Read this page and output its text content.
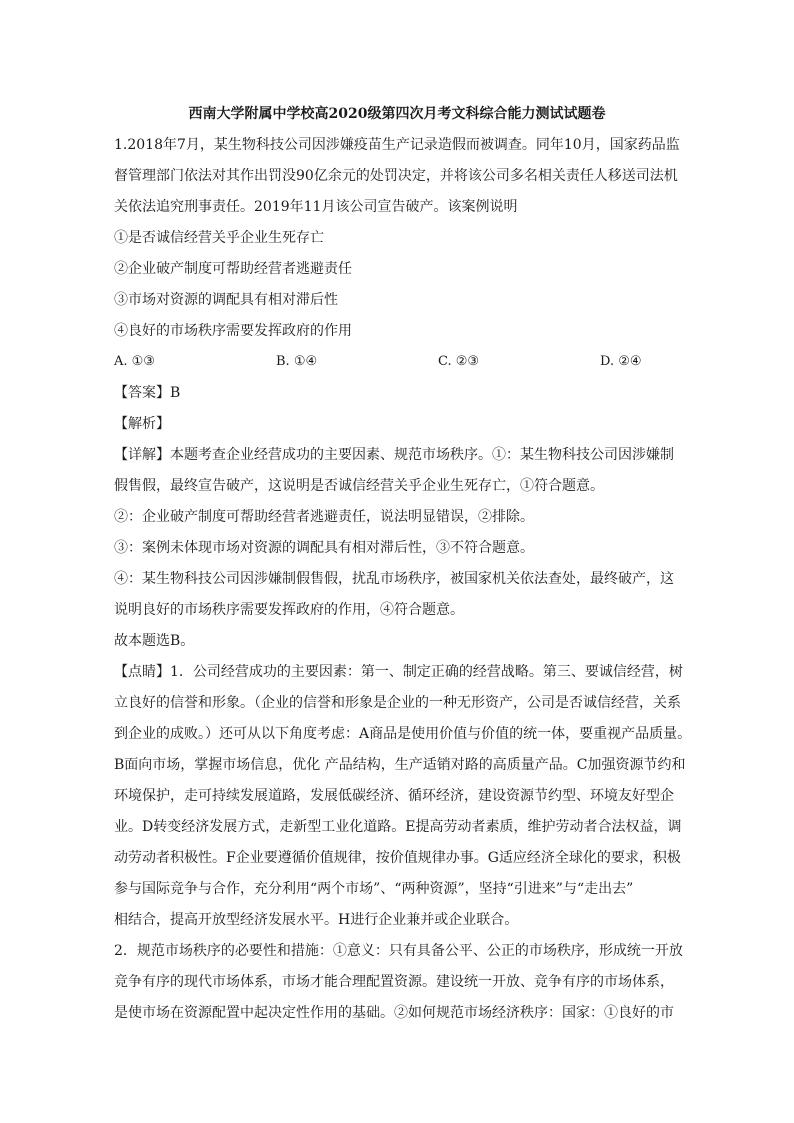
西南大学附属中学校高2020级第四次月考文科综合能力测试试题卷
1.2018年7月，某生物科技公司因涉嫌疫苗生产记录造假而被调查。同年10月，国家药品监
督管理部门依法对其作出罚没90亿余元的处罚决定，并将该公司多名相关责任人移送司法机
关依法追究刑事责任。2019年11月该公司宣告破产。该案例说明
①是否诚信经营关乎企业生死存亡
②企业破产制度可帮助经营者逃避责任
③市场对资源的调配具有相对滞后性
④良好的市场秩序需要发挥政府的作用
A. ①③	B. ①④	C. ②③	D. ②④
【答案】B
【解析】
【详解】本题考查企业经营成功的主要因素、规范市场秩序。①：某生物科技公司因涉嫌制
假售假，最终宣告破产，这说明是否诚信经营关乎企业生死存亡，①符合题意。
②：企业破产制度可帮助经营者逃避责任，说法明显错误，②排除。
③：案例未体现市场对资源的调配具有相对滞后性，③不符合题意。
④：某生物科技公司因涉嫌制假售假，扰乱市场秩序，被国家机关依法查处，最终破产，这
说明良好的市场秩序需要发挥政府的作用，④符合题意。
故本题选B。
【点睛】1．公司经营成功的主要因素：第一、制定正确的经营战略。第三、要诚信经营，树
立良好的信誉和形象。（企业的信誉和形象是企业的一种无形资产，公司是否诚信经营，关系
到企业的成败。）还可从以下角度考虑：A商品是使用价值与价值的统一体，要重视产品质量。
B面向市场，掌握市场信息，优化 产品结构，生产适销对路的高质量产品。C加强资源节约和
环境保护，走可持续发展道路，发展低碳经济、循环经济，建设资源节约型、环境友好型企
业。D转变经济发展方式，走新型工业化道路。E提高劳动者素质，维护劳动者合法权益，调
动劳动者积极性。F企业要遵循价值规律，按价值规律办事。G适应经济全球化的要求，积极
参与国际竞争与合作，充分利用“两个市场”、“两种资源”，坚持“引进来”与“走出去”
相结合，提高开放型经济发展水平。H进行企业兼并或企业联合。
2．规范市场秩序的必要性和措施：①意义：只有具备公平、公正的市场秩序，形成统一开放
竞争有序的现代市场体系，市场才能合理配置资源。建设统一开放、竞争有序的市场体系，
是使市场在资源配置中起决定性作用的基础。②如何规范市场经济秩序：国家：①良好的市
